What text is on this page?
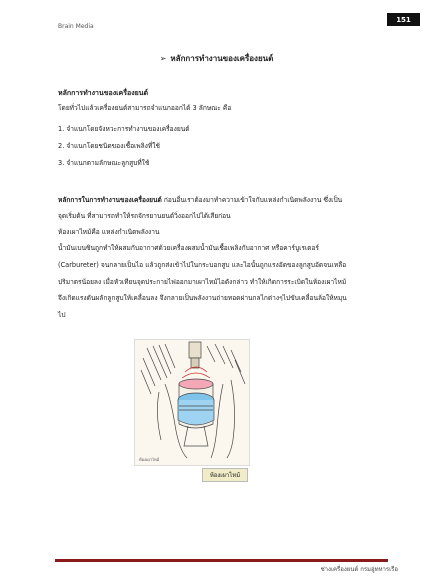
Brain Media
151
➢ หลักการทำงานของเครื่องยนต์
หลักการทำงานของเครื่องยนต์
โดยทั่วไปแล้วเครื่องยนต์สามารถจำแนกออกได้ 3 ลักษณะ คือ
1. จำแนกโดยจังหวะการทำงานของเครื่องยนต์
2. จำแนกโดยชนิดของเชื้อเพลิงที่ใช้
3. จำแนกตามลักษณะลูกสูบที่ใช้
หลักการในการทำงานของเครื่องยนต์ ก่อนอื่นเราต้องมาทำความเข้าใจกับแหล่งกำเนิดพลังงาน ซึ่งเป็น
จุดเริ่มต้น ที่สามารถทำให้รถจักรยานยนต์วิ่งออกไปได้เสียก่อน
ห้องเผาไหม้คือ แหล่งกำเนิดพลังงาน
น้ำมันเบนซินถูกทำให้ผสมกับอากาศด้วยเครื่องผสมน้ำมันเชื้อเพลิงกับอากาศ หรือคาร์บูเรเตอร์
(Carbureter) จนกลายเป็นไอ แล้วถูกส่งเข้าไปในกระบอกสูบ และไอนั้นถูกแรงอัดของลูกสูบอัดจนเหลือ
ปริมาตรน้อยลง เมื่อหัวเทียนจุดประกายไฟออกมาเผาไหม้ไอดังกล่าว ทำให้เกิดการระเบิดในห้องเผาไหม้
จึงเกิดแรงดันผลักลูกสูบให้เคลื่อนลง จึงกลายเป็นพลังงานถ่ายทอดผ่านกลไกต่างๆไปขับเคลื่อนล้อให้หมุน
ไป
ห้องเผาไหม้
ห้องเผาไหม้
ช่างเครื่องยนต์ กรมอู่ทหารเรือ
